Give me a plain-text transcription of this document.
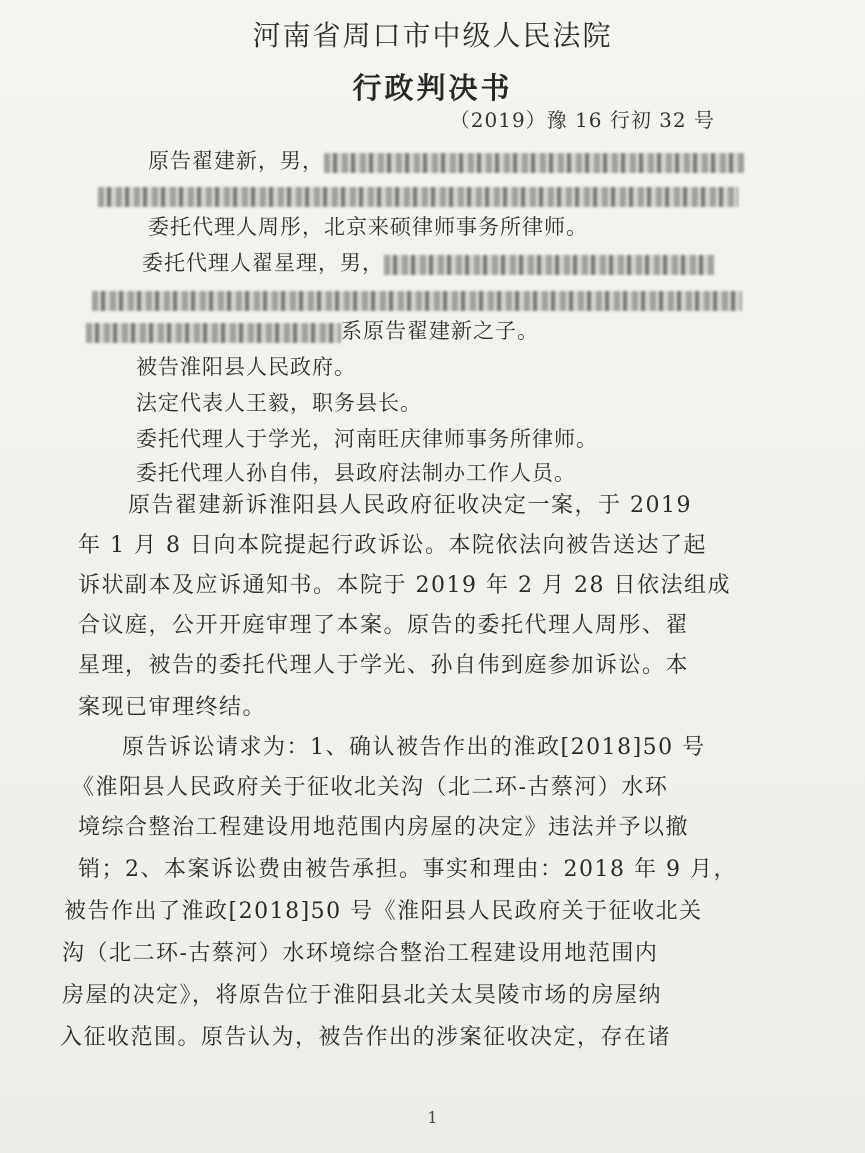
河南省周口市中级人民法院
行政判决书
（2019）豫 16 行初 32 号
原告翟建新，男，
委托代理人周彤，北京来硕律师事务所律师。
委托代理人翟星理，男，
系原告翟建新之子。
被告淮阳县人民政府。
法定代表人王毅，职务县长。
委托代理人于学光，河南旺庆律师事务所律师。
委托代理人孙自伟，县政府法制办工作人员。
原告翟建新诉淮阳县人民政府征收决定一案，于 2019
年 1 月 8 日向本院提起行政诉讼。本院依法向被告送达了起
诉状副本及应诉通知书。本院于 2019 年 2 月 28 日依法组成
合议庭，公开开庭审理了本案。原告的委托代理人周彤、翟
星理，被告的委托代理人于学光、孙自伟到庭参加诉讼。本
案现已审理终结。
原告诉讼请求为：1、确认被告作出的淮政[2018]50 号
《淮阳县人民政府关于征收北关沟（北二环-古蔡河）水环
境综合整治工程建设用地范围内房屋的决定》违法并予以撤
销；2、本案诉讼费由被告承担。事实和理由：2018 年 9 月，
被告作出了淮政[2018]50 号《淮阳县人民政府关于征收北关
沟（北二环-古蔡河）水环境综合整治工程建设用地范围内
房屋的决定》，将原告位于淮阳县北关太昊陵市场的房屋纳
入征收范围。原告认为，被告作出的涉案征收决定，存在诸
1
